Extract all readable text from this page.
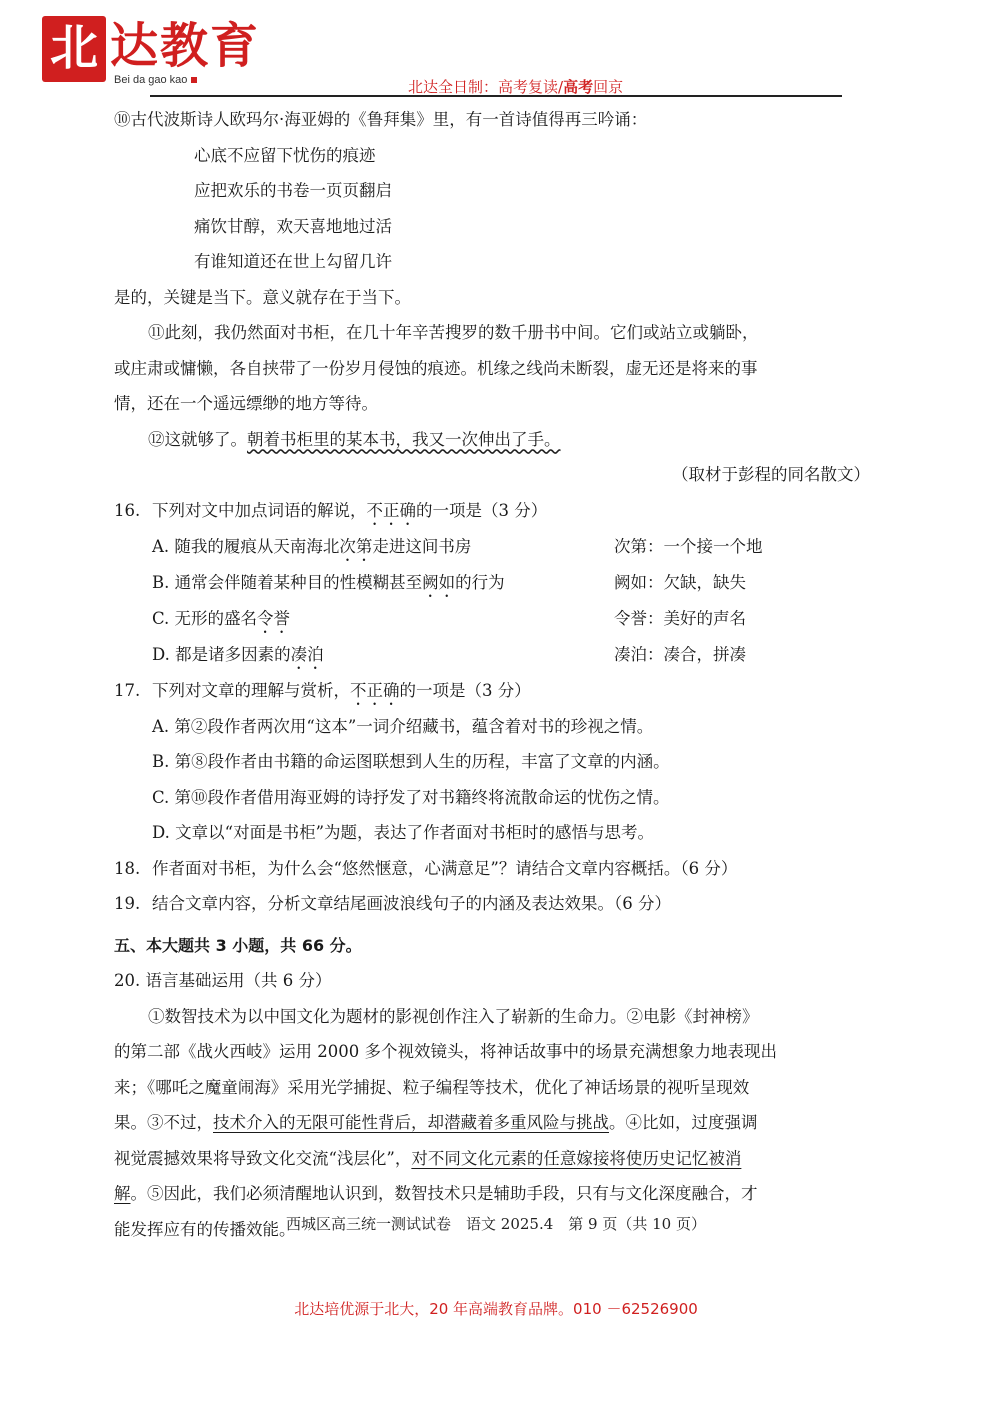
北 达教育
Bei da gao kao	北达全日制：高考复读/高考回京
⑩古代波斯诗人欧玛尔·海亚姆的《鲁拜集》里，有一首诗值得再三吟诵：
心底不应留下忧伤的痕迹
应把欢乐的书卷一页页翻启
痛饮甘醇，欢天喜地地过活
有谁知道还在世上勾留几许
是的，关键是当下。意义就存在于当下。
⑪此刻，我仍然面对书柜，在几十年辛苦搜罗的数千册书中间。它们或站立或躺卧，
或庄肃或慵懒，各自挟带了一份岁月侵蚀的痕迹。机缘之线尚未断裂，虚无还是将来的事
情，还在一个遥远缥缈的地方等待。
⑫这就够了。朝着书柜里的某本书，我又一次伸出了手。
（取材于彭程的同名散文）
16. 下列对文中加点词语的解说，不正确的一项是（3 分）
A. 随我的履痕从天南海北次第走进这间书房	次第：一个接一个地
B. 通常会伴随着某种目的性模糊甚至阙如的行为	阙如：欠缺，缺失
C. 无形的盛名令誉	令誉：美好的声名
D. 都是诸多因素的凑泊	凑泊：凑合，拼凑
17. 下列对文章的理解与赏析，不正确的一项是（3 分）
A. 第②段作者两次用“这本”一词介绍藏书，蕴含着对书的珍视之情。
B. 第⑧段作者由书籍的命运图联想到人生的历程，丰富了文章的内涵。
C. 第⑩段作者借用海亚姆的诗抒发了对书籍终将流散命运的忧伤之情。
D. 文章以“对面是书柜”为题，表达了作者面对书柜时的感悟与思考。
18. 作者面对书柜，为什么会“悠然惬意，心满意足”？请结合文章内容概括。（6 分）
19. 结合文章内容，分析文章结尾画波浪线句子的内涵及表达效果。（6 分）
五、本大题共 3 小题，共 66 分。
20. 语言基础运用（共 6 分）
①数智技术为以中国文化为题材的影视创作注入了崭新的生命力。②电影《封神榜》
的第二部《战火西岐》运用 2000 多个视效镜头，将神话故事中的场景充满想象力地表现出
来；《哪吒之魔童闹海》采用光学捕捉、粒子编程等技术，优化了神话场景的视听呈现效
果。③不过，技术介入的无限可能性背后，却潜藏着多重风险与挑战。④比如，过度强调
视觉震撼效果将导致文化交流“浅层化”，对不同文化元素的任意嫁接将使历史记忆被消
解。⑤因此，我们必须清醒地认识到，数智技术只是辅助手段，只有与文化深度融合，才
能发挥应有的传播效能。
西城区高三统一测试试卷　语文 2025.4　第 9 页（共 10 页）
北达培优源于北大，20 年高端教育品牌。010 －62526900
